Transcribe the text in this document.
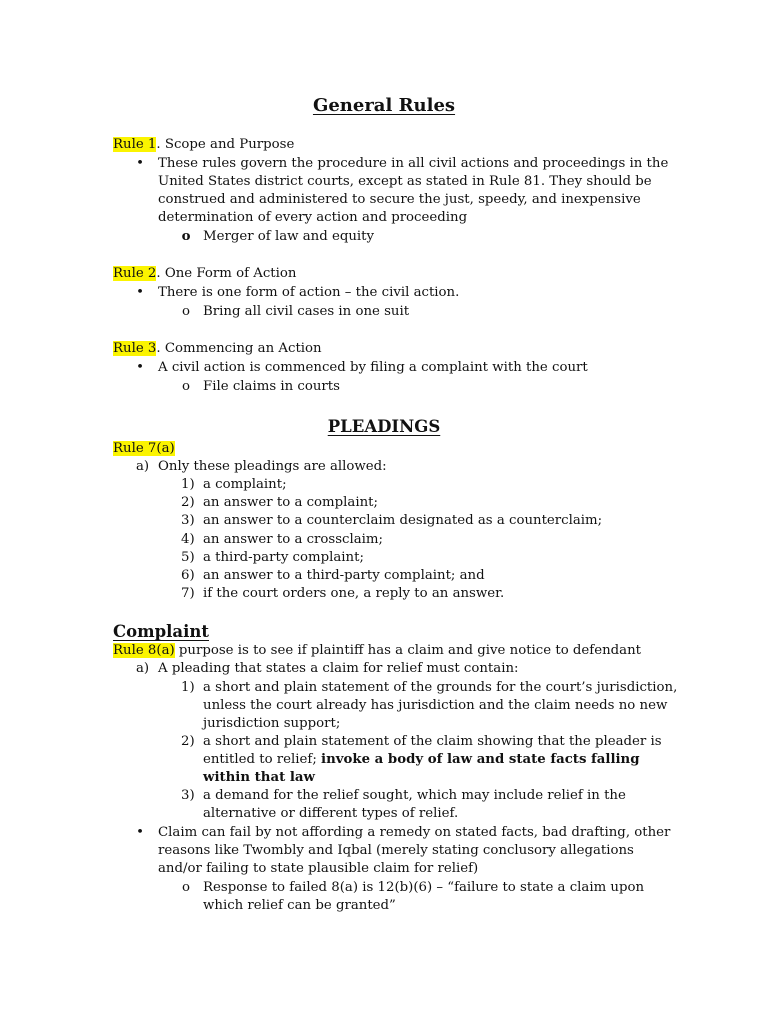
General Rules
Rule 1. Scope and Purpose
• These rules govern the procedure in all civil actions and proceedings in the
United States district courts, except as stated in Rule 81. They should be
construed and administered to secure the just, speedy, and inexpensive
determination of every action and proceeding
o Merger of law and equity
Rule 2. One Form of Action
• There is one form of action – the civil action.
o Bring all civil cases in one suit
Rule 3. Commencing an Action
• A civil action is commenced by filing a complaint with the court
o File claims in courts
PLEADINGS
Rule 7(a)
a) Only these pleadings are allowed:
1) a complaint;
2) an answer to a complaint;
3) an answer to a counterclaim designated as a counterclaim;
4) an answer to a crossclaim;
5) a third-party complaint;
6) an answer to a third-party complaint; and
7) if the court orders one, a reply to an answer.
Complaint
Rule 8(a) purpose is to see if plaintiff has a claim and give notice to defendant
a) A pleading that states a claim for relief must contain:
1) a short and plain statement of the grounds for the court’s jurisdiction,
unless the court already has jurisdiction and the claim needs no new
jurisdiction support;
2) a short and plain statement of the claim showing that the pleader is
entitled to relief; invoke a body of law and state facts falling
within that law
3) a demand for the relief sought, which may include relief in the
alternative or different types of relief.
• Claim can fail by not affording a remedy on stated facts, bad drafting, other
reasons like Twombly and Iqbal (merely stating conclusory allegations
and/or failing to state plausible claim for relief)
o Response to failed 8(a) is 12(b)(6) – “failure to state a claim upon
which relief can be granted”
